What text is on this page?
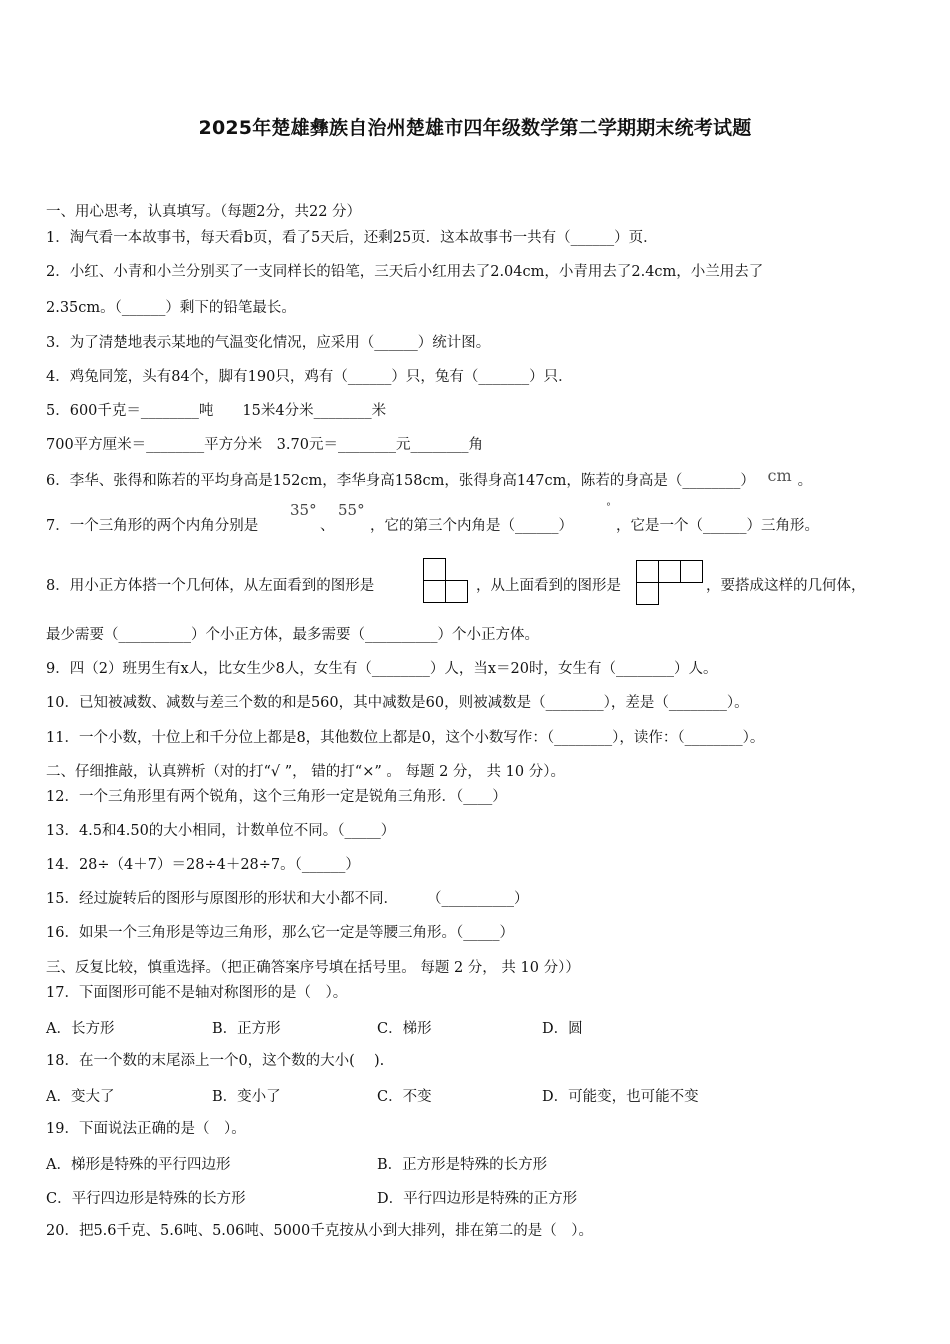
2025年楚雄彝族自治州楚雄市四年级数学第二学期期末统考试题
一、用心思考，认真填写。（每题2分，共22 分）
1．淘气看一本故事书，每天看b页，看了5天后，还剩25页．这本故事书一共有（______）页．
2．小红、小青和小兰分别买了一支同样长的铅笔，三天后小红用去了2.04cm，小青用去了2.4cm，小兰用去了
2.35cm。（______）剩下的铅笔最长。
3．为了清楚地表示某地的气温变化情况，应采用（______）统计图。
4．鸡兔同笼，头有84个，脚有190只，鸡有（______）只，兔有（_______）只．
5．600千克＝________吨　　15米4分米________米
700平方厘米＝________平方分米　3.70元＝________元________角
6．李华、张得和陈若的平均身高是152cm，李华身高158cm，张得身高147cm，陈若的身高是（________） cm 。
7．一个三角形的两个内角分别是
35°
、
55°
，它的第三个内角是（______）
°
，它是一个（______）三角形。
8．用小正方体搭一个几何体，从左面看到的图形是	，从上面看到的图形是	，要搭成这样的几何体，
最少需要（__________）个小正方体，最多需要（__________）个小正方体。
9．四（2）班男生有x人，比女生少8人，女生有（________）人，当x＝20时，女生有（________）人。
10．已知被减数、减数与差三个数的和是560，其中减数是60，则被减数是（________），差是（________）。
11．一个小数，十位上和千分位上都是8，其他数位上都是0，这个小数写作：（________），读作：（________）。
二、仔细推敲，认真辨析（对的打“√ ”， 错的打“×” 。 每题 2 分， 共 10 分）。
12．一个三角形里有两个锐角，这个三角形一定是锐角三角形．（____）
13．4.5和4.50的大小相同，计数单位不同。（_____）
14．28÷（4＋7）＝28÷4＋28÷7。（______）
15．经过旋转后的图形与原图形的形状和大小都不同．　　　（__________）
16．如果一个三角形是等边三角形，那么它一定是等腰三角形。（_____）
三、反复比较，慎重选择。（把正确答案序号填在括号里。 每题 2 分， 共 10 分））
17．下面图形可能不是轴对称图形的是（　）。
A．长方形	B．正方形	C．梯形	D．圆
18．在一个数的末尾添上一个0，这个数的大小(　 ).
A．变大了	B．变小了	C．不变	D．可能变，也可能不变
19．下面说法正确的是（　）。
A．梯形是特殊的平行四边形	B．正方形是特殊的长方形
C．平行四边形是特殊的长方形	D．平行四边形是特殊的正方形
20．把5.6千克、5.6吨、5.06吨、5000千克按从小到大排列，排在第二的是（　）。
